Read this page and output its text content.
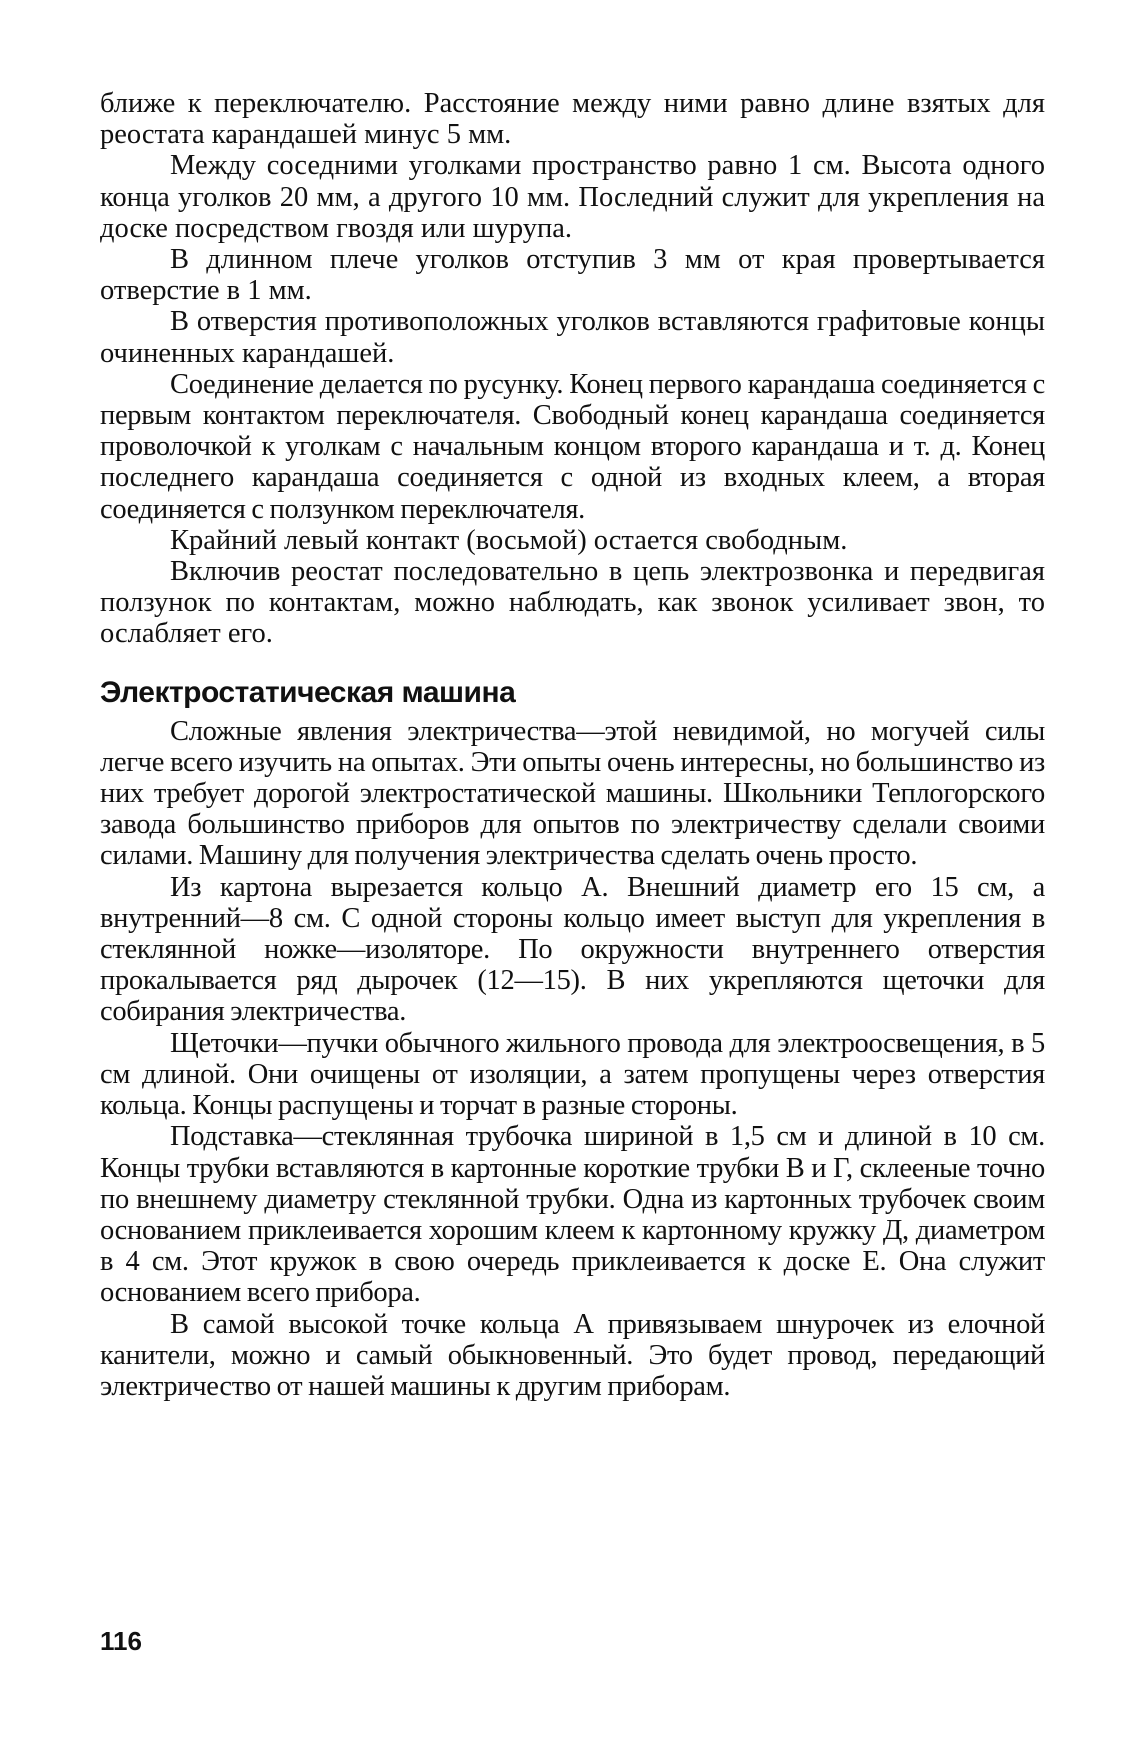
ближе к переключателю. Расстояние между ними равно длине взятых для реостата карандашей минус 5 мм.

Между соседними уголками пространство равно 1 см. Высота одного конца уголков 20 мм, а другого 10 мм. Последний служит для укрепления на доске посредством гвоздя или шурупа.

В длинном плече уголков отступив 3 мм от края провертывается отверстие в 1 мм.

В отверстия противоположных уголков вставляются графитовые концы очиненных карандашей.

Соединение делается по русунку. Конец первого карандаша соединяется с первым контактом переключателя. Свободный конец карандаша соединяется проволочкой к уголкам с начальным концом второго карандаша и т. д. Конец последнего карандаша соединяется с одной из входных клеем, а вторая соединяется с ползунком переключателя.

Крайний левый контакт (восьмой) остается свободным.

Включив реостат последовательно в цепь электрозвонка и передвигая ползунок по контактам, можно наблюдать, как звонок усиливает звон, то ослабляет его.

Электростатическая машина

Сложные явления электричества—этой невидимой, но могучей силы легче всего изучить на опытах. Эти опыты очень интересны, но большинство из них требует дорогой электростатической машины. Школьники Теплогорского завода большинство приборов для опытов по электричеству сделали своими силами. Машину для получения электричества сделать очень просто.

Из картона вырезается кольцо А. Внешний диаметр его 15 см, а внутренний—8 см. С одной стороны кольцо имеет выступ для укрепления в стеклянной ножке—изоляторе. По окружности внутреннего отверстия прокалывается ряд дырочек (12—15). В них укрепляются щеточки для собирания электричества.

Щеточки—пучки обычного жильного провода для электроосвещения, в 5 см длиной. Они очищены от изоляции, а затем пропущены через отверстия кольца. Концы распущены и торчат в разные стороны.

Подставка—стеклянная трубочка шириной в 1,5 см и длиной в 10 см. Концы трубки вставляются в картонные короткие трубки В и Г, склееные точно по внешнему диаметру стеклянной трубки. Одна из картонных трубочек своим основанием приклеивается хорошим клеем к картонному кружку Д, диаметром в 4 см. Этот кружок в свою очередь приклеивается к доске Е. Она служит основанием всего прибора.

В самой высокой точке кольца А привязываем шнурочек из елочной канители, можно и самый обыкновенный. Это будет провод, передающий электричество от нашей машины к другим приборам.

116
